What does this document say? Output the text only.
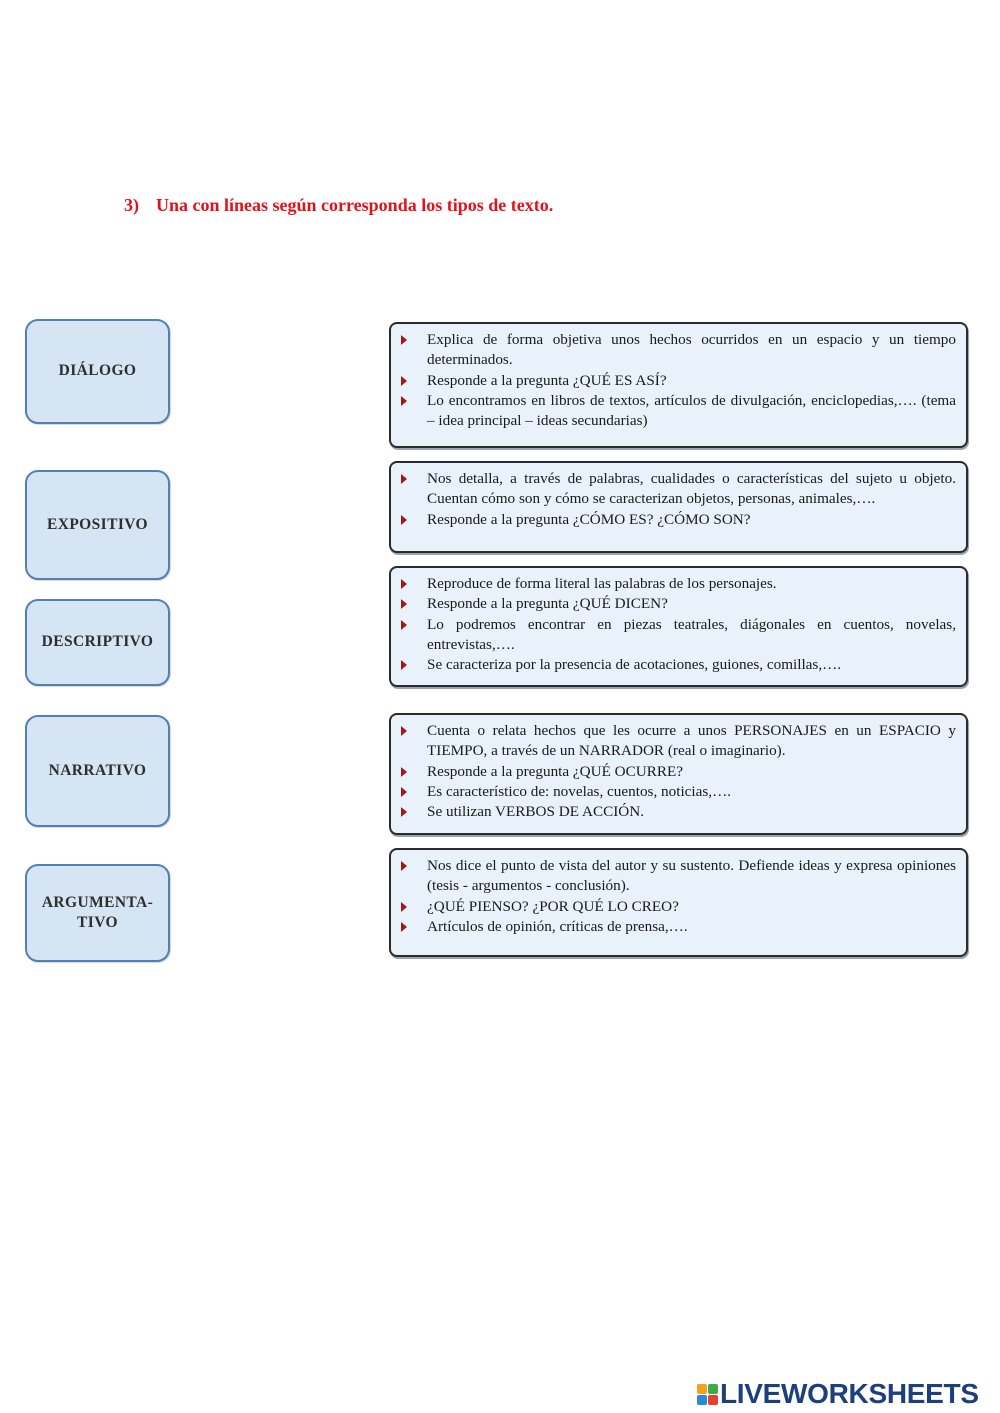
3) Una con líneas según corresponda los tipos de texto.
DIÁLOGO
EXPOSITIVO
DESCRIPTIVO
NARRATIVO
ARGUMENTA-
TIVO
Explica de forma objetiva unos hechos ocurridos en un espacio y un tiempo determinados.
Responde a la pregunta ¿QUÉ ES ASÍ?
Lo encontramos en libros de textos, artículos de divulgación, enciclopedias,…. (tema – idea principal – ideas secundarias)
Nos detalla, a través de palabras, cualidades o características del sujeto u objeto. Cuentan cómo son y cómo se caracterizan objetos, personas, animales,….
Responde a la pregunta ¿CÓMO ES? ¿CÓMO SON?
Reproduce de forma literal las palabras de los personajes.
Responde a la pregunta ¿QUÉ DICEN?
Lo podremos encontrar en piezas teatrales, diágonales en cuentos, novelas, entrevistas,….
Se caracteriza por la presencia de acotaciones, guiones, comillas,….
Cuenta o relata hechos que les ocurre a unos PERSONAJES en un ESPACIO y TIEMPO, a través de un NARRADOR (real o imaginario).
Responde a la pregunta ¿QUÉ OCURRE?
Es característico de: novelas, cuentos, noticias,….
Se utilizan VERBOS DE ACCIÓN.
Nos dice el punto de vista del autor y su sustento. Defiende ideas y expresa opiniones (tesis - argumentos - conclusión).
¿QUÉ PIENSO? ¿POR QUÉ LO CREO?
Artículos de opinión, críticas de prensa,….
LIVEWORKSHEETS
